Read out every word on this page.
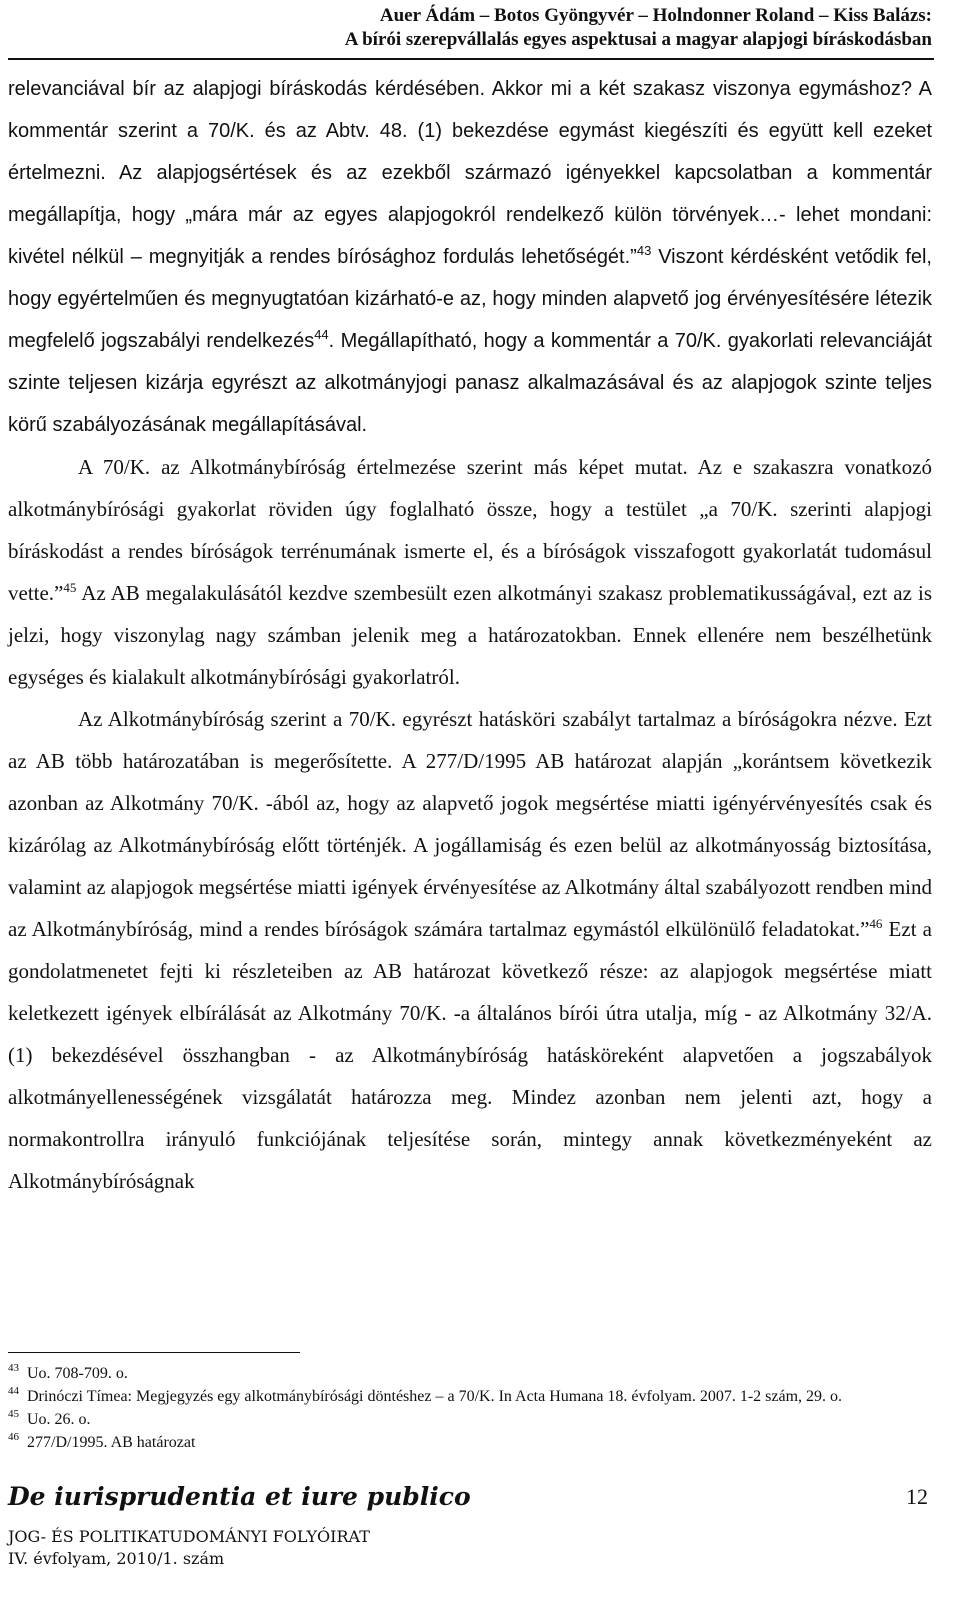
Auer Ádám – Botos Gyöngyvér – Holndonner Roland – Kiss Balázs:
A bírói szerepvállalás egyes aspektusai a magyar alapjogi bíráskodásban

relevanciával bír az alapjogi bíráskodás kérdésében. Akkor mi a két szakasz viszonya egymáshoz? A kommentár szerint a 70/K. és az Abtv. 48. (1) bekezdése egymást kiegészíti és együtt kell ezeket értelmezni. Az alapjogsértések és az ezekből származó igényekkel kapcsolatban a kommentár megállapítja, hogy „mára már az egyes alapjogokról rendelkező külön törvények…- lehet mondani: kivétel nélkül – megnyitják a rendes bírósághoz fordulás lehetőségét.”$^{43}$ Viszont kérdésként vetődik fel, hogy egyértelműen és megnyugtatóan kizárható-e az, hogy minden alapvető jog érvényesítésére létezik megfelelő jogszabályi rendelkezés$^{44}$. Megállapítható, hogy a kommentár a 70/K. gyakorlati relevanciáját szinte teljesen kizárja egyrészt az alkotmányjogi panasz alkalmazásával és az alapjogok szinte teljes körű szabályozásának megállapításával.

A 70/K. az Alkotmánybíróság értelmezése szerint más képet mutat. Az e szakaszra vonatkozó alkotmánybírósági gyakorlat röviden úgy foglalható össze, hogy a testület „a 70/K. szerinti alapjogi bíráskodást a rendes bíróságok terrénumának ismerte el, és a bíróságok visszafogott gyakorlatát tudomásul vette.”$^{45}$ Az AB megalakulásától kezdve szembesült ezen alkotmányi szakasz problematikusságával, ezt az is jelzi, hogy viszonylag nagy számban jelenik meg a határozatokban. Ennek ellenére nem beszélhetünk egységes és kialakult alkotmánybírósági gyakorlatról.

Az Alkotmánybíróság szerint a 70/K. egyrészt hatásköri szabályt tartalmaz a bíróságokra nézve. Ezt az AB több határozatában is megerősítette. A 277/D/1995 AB határozat alapján „korántsem következik azonban az Alkotmány 70/K. -ából az, hogy az alapvető jogok megsértése miatti igényérvényesítés csak és kizárólag az Alkotmánybíróság előtt történjék. A jogállamiság és ezen belül az alkotmányosság biztosítása, valamint az alapjogok megsértése miatti igények érvényesítése az Alkotmány által szabályozott rendben mind az Alkotmánybíróság, mind a rendes bíróságok számára tartalmaz egymástól elkülönülő feladatokat.”$^{46}$ Ezt a gondolatmenetet fejti ki részleteiben az AB határozat következő része: az alapjogok megsértése miatt keletkezett igények elbírálását az Alkotmány 70/K. -a általános bírói útra utalja, míg - az Alkotmány 32/A. (1) bekezdésével összhangban - az Alkotmánybíróság hatásköreként alapvetően a jogszabályok alkotmányellenességének vizsgálatát határozza meg. Mindez azonban nem jelenti azt, hogy a normakontrollra irányuló funkciójának teljesítése során, mintegy annak következményeként az Alkotmánybíróságnak

43 Uo. 708-709. o.
44 Drinóczi Tímea: Megjegyzés egy alkotmánybírósági döntéshez – a 70/K. In Acta Humana 18. évfolyam. 2007. 1-2 szám, 29. o.
45 Uo. 26. o.
46 277/D/1995. AB határozat
De iurisprudentia et iure publico	12
JOG- ÉS POLITIKATUDOMÁNYI FOLYÓIRAT
IV. évfolyam, 2010/1. szám
